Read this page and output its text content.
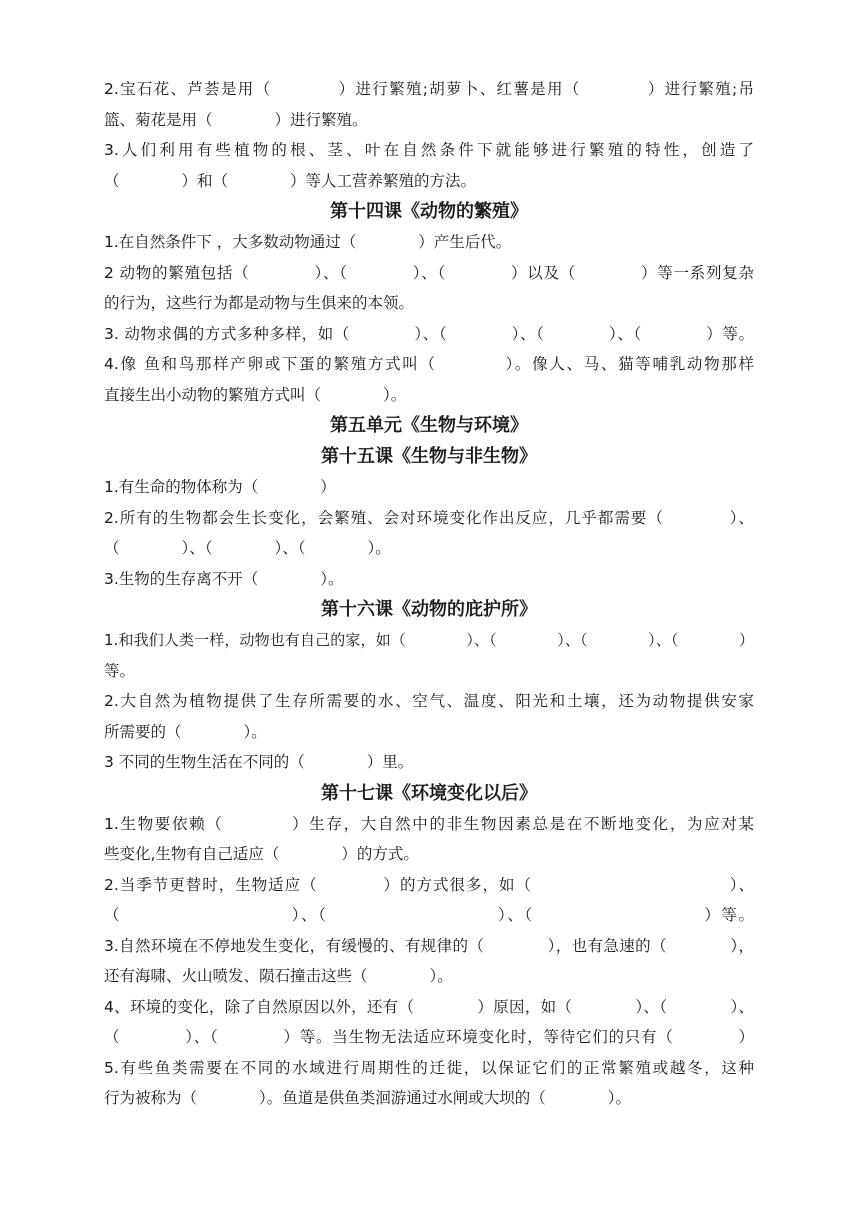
2.宝石花、芦荟是用（　　　　）进行繁殖;胡萝卜、红薯是用（　　　　）进行繁殖;吊
篮、菊花是用（　　　　）进行繁殖。
3.人们利用有些植物的根、茎、叶在自然条件下就能够进行繁殖的特性，创造了
（　　　　）和（　　　　）等人工营养繁殖的方法。
第十四课《动物的繁殖》
1.在自然条件下 ，大多数动物通过（　　　　）产生后代。
2 动物的繁殖包括（　　　　）、（　　　　）、（　　　　）以及（　　　　）等一系列复杂
的行为，这些行为都是动物与生俱来的本领。
3. 动物求偶的方式多种多样，如（　　　　）、（　　　　）、（　　　　）、（　　　　）等。
4.像 鱼和鸟那样产卵或下蛋的繁殖方式叫（　　　　）。像人、马、猫等哺乳动物那样
直接生出小动物的繁殖方式叫（　　　　）。
第五单元《生物与环境》
第十五课《生物与非生物》
1.有生命的物体称为（　　　　）
2.所有的生物都会生长变化，会繁殖、会对环境变化作出反应，几乎都需要（　　　　）、
（　　　　）、（　　　　）、（　　　　）。
3.生物的生存离不开（　　　　）。
第十六课《动物的庇护所》
1.和我们人类一样，动物也有自己的家，如（　　　　）、（　　　　）、（　　　　）、（　　　　）
等。
2.大自然为植物提供了生存所需要的水、空气、温度、阳光和土壤，还为动物提供安家
所需要的（　　　　）。
3 不同的生物生活在不同的（　　　　）里。
第十七课《环境变化以后》
1.生物要依赖（　　　　）生存，大自然中的非生物因素总是在不断地变化，为应对某
些变化,生物有自己适应（　　　　）的方式。
2.当季节更替时，生物适应（　　　　）的方式很多，如（　　　　　　　　　　　　）、
（　　　　　　　　　　）、（　　　　　　　　　　）、（　　　　　　　　　　）等。
3.自然环境在不停地发生变化，有缓慢的、有规律的（　　　　），也有急速的（　　　　），
还有海啸、火山喷发、陨石撞击这些（　　　　）。
4、环境的变化，除了自然原因以外，还有（　　　　）原因，如（　　　　）、（　　　　）、
（　　　　）、（　　　　）等。当生物无法适应环境变化时，等待它们的只有（　　　　）
5.有些鱼类需要在不同的水域进行周期性的迁徙，以保证它们的正常繁殖或越冬，这种
行为被称为（　　　　）。鱼道是供鱼类洄游通过水闸或大坝的（　　　　）。
